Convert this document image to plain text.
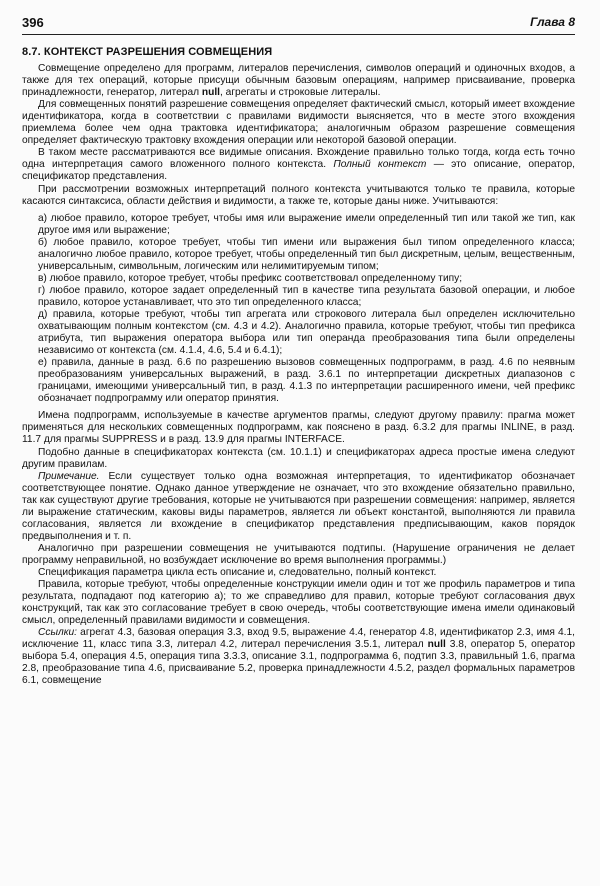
396	Глава 8
8.7. КОНТЕКСТ РАЗРЕШЕНИЯ СОВМЕЩЕНИЯ

Совмещение определено для программ, литералов перечисления, символов операций и одиночных входов, а также для тех операций, которые присущи обычным базовым операциям, например присваивание, проверка принадлежности, генератор, литерал null, агрегаты и строковые литералы.

Для совмещенных понятий разрешение совмещения определяет фактический смысл, который имеет вхождение идентификатора, когда в соответствии с правилами видимости выясняется, что в месте этого вхождения приемлема более чем одна трактовка идентификатора; аналогичным образом разрешение совмещения определяет фактическую трактовку вхождения операции или некоторой базовой операции.

В таком месте рассматриваются все видимые описания. Вхождение правильно только тогда, когда есть точно одна интерпретация самого вложенного полного контекста. Полный контекст — это описание, оператор, спецификатор представления.

При рассмотрении возможных интерпретаций полного контекста учитываются только те правила, которые касаются синтаксиса, области действия и видимости, а также те, которые даны ниже. Учитываются:

а) любое правило, которое требует, чтобы имя или выражение имели определенный тип или такой же тип, как другое имя или выражение;

б) любое правило, которое требует, чтобы тип имени или выражения был типом определенного класса; аналогично любое правило, которое требует, чтобы определенный тип был дискретным, целым, вещественным, универсальным, символьным, логическим или нелимитируемым типом;

в) любое правило, которое требует, чтобы префикс соответствовал определенному типу;

г) любое правило, которое задает определенный тип в качестве типа результата базовой операции, и любое правило, которое устанавливает, что это тип определенного класса;

д) правила, которые требуют, чтобы тип агрегата или строкового литерала был определен исключительно охватывающим полным контекстом (см. 4.3 и 4.2). Аналогично правила, которые требуют, чтобы тип префикса атрибута, тип выражения оператора выбора или тип операнда преобразования типа были определены независимо от контекста (см. 4.1.4, 4.6, 5.4 и 6.4.1);

е) правила, данные в разд. 6.6 по разрешению вызовов совмещенных подпрограмм, в разд. 4.6 по неявным преобразованиям универсальных выражений, в разд. 3.6.1 по интерпретации дискретных диапазонов с границами, имеющими универсальный тип, в разд. 4.1.3 по интерпретации расширенного имени, чей префикс обозначает подпрограмму или оператор принятия.

Имена подпрограмм, используемые в качестве аргументов прагмы, следуют другому правилу: прагма может применяться для нескольких совмещенных подпрограмм, как пояснено в разд. 6.3.2 для прагмы INLINE, в разд. 11.7 для прагмы SUPPRESS и в разд. 13.9 для прагмы INTERFACE.

Подобно данные в спецификаторах контекста (см. 10.1.1) и спецификаторах адреса простые имена следуют другим правилам.

Примечание. Если существует только одна возможная интерпретация, то идентификатор обозначает соответствующее понятие. Однако данное утверждение не означает, что это вхождение обязательно правильно, так как существуют другие требования, которые не учитываются при разрешении совмещения: например, является ли выражение статическим, каковы виды параметров, является ли объект константой, выполняются ли правила согласования, является ли вхождение в спецификатор представления предписывающим, каков порядок предвыполнения и т. п.

Аналогично при разрешении совмещения не учитываются подтипы. (Нарушение ограничения не делает программу неправильной, но возбуждает исключение во время выполнения программы.)

Спецификация параметра цикла есть описание и, следовательно, полный контекст.

Правила, которые требуют, чтобы определенные конструкции имели один и тот же профиль параметров и типа результата, подпадают под категорию а); то же справедливо для правил, которые требуют согласования двух конструкций, так как это согласование требует в свою очередь, чтобы соответствующие имена имели одинаковый смысл, определенный правилами видимости и совмещения.

Ссылки: агрегат 4.3, базовая операция 3.3, вход 9.5, выражение 4.4, генератор 4.8, идентификатор 2.3, имя 4.1, исключение 11, класс типа 3.3, литерал 4.2, литерал перечисления 3.5.1, литерал null 3.8, оператор 5, оператор выбора 5.4, операция 4.5, операция типа 3.3.3, описание 3.1, подпрограмма 6, подтип 3.3, правильный 1.6, прагма 2.8, преобразование типа 4.6, присваивание 5.2, проверка принадлежности 4.5.2, раздел формальных параметров 6.1, совмещение
